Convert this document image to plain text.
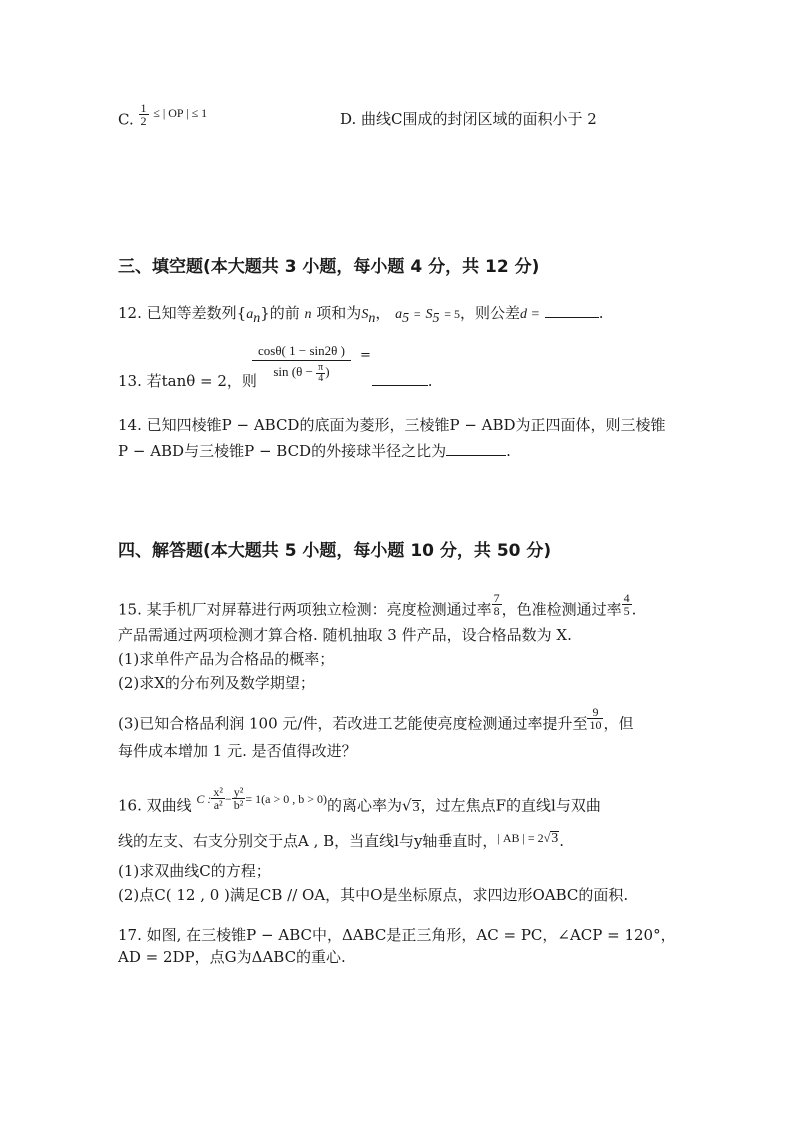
C. $\frac{1}{2} ^{\le | OP | \le 1}$	D. 曲线C围成的封闭区域的面积小于 2
三、填空题(本大题共 3 小题，每小题 4 分，共 12 分)
12. 已知等差数列$\{a_n\}$的前 n 项和为$S_n$， $a_5 = S_5 = 5$，则公差d =	.
$\frac{\cos\theta( 1 - \sin 2\theta )}{\sin (\theta - \frac{\pi}{4} )}$ =
13. 若tanθ = 2，则	.
14. 已知四棱锥P − ABCD的底面为菱形，三棱锥P − ABD为正四面体，则三棱锥
P − ABD与三棱锥P − BCD的外接球半径之比为	.
四、解答题(本大题共 5 小题，每小题 10 分，共 50 分)
15. 某手机厂对屏幕进行两项独立检测：亮度检测通过率 $\frac{7}{8}$ ，色准检测通过率 $\frac{4}{5}$ .
产品需通过两项检测才算合格. 随机抽取 3 件产品，设合格品数为 X.
(1)求单件产品为合格品的概率；
(2)求X的分布列及数学期望；
(3)已知合格品利润 100 元/件，若改进工艺能使亮度检测通过率提升至 $\frac{9}{10}$ ，但
每件成本增加 1 元. 是否值得改进？
16. 双曲线 $^{C :} \frac{\text{x²}}{\text{a²}} ^- \frac{\text{y²}}{\text{b²}} ^{= 1(a > 0 , b > 0)}$的离心率为√3，过左焦点F的直线l与双曲
线的左支、右支分别交于点A , B，当直线l与y轴垂直时，$^{| AB | = 2√}$3.
(1)求双曲线C的方程；
(2)点C( 12 , 0 )满足CB // OA，其中O是坐标原点，求四边形OABC的面积.
17. 如图, 在三棱锥P − ABC中，ΔABC是正三角形，AC = PC，∠ACP = 120°，
AD = 2DP，点G为ΔABC的重心.
